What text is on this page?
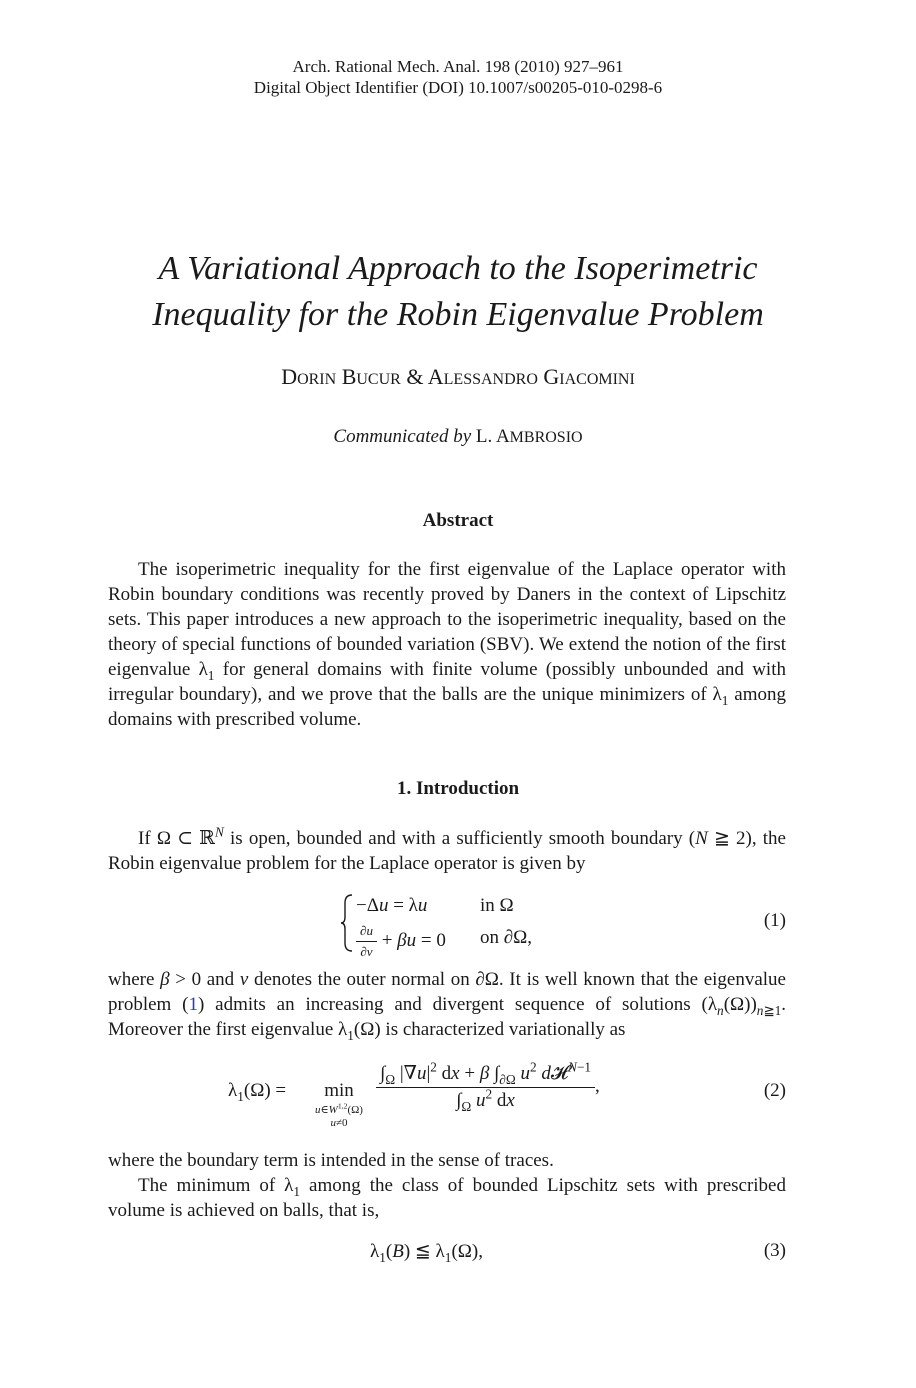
Arch. Rational Mech. Anal. 198 (2010) 927–961
Digital Object Identifier (DOI) 10.1007/s00205-010-0298-6
A Variational Approach to the Isoperimetric
Inequality for the Robin Eigenvalue Problem
DORIN BUCUR & ALESSANDRO GIACOMINI
Communicated by L. AMBROSIO
Abstract
The isoperimetric inequality for the first eigenvalue of the Laplace operator with Robin boundary conditions was recently proved by Daners in the context of Lipschitz sets. This paper introduces a new approach to the isoperimetric inequality, based on the theory of special functions of bounded variation (SBV). We extend the notion of the first eigenvalue $\lambda_1$ for general domains with finite volume (possibly unbounded and with irregular boundary), and we prove that the balls are the unique minimizers of $\lambda_1$ among domains with prescribed volume.
1. Introduction
If Ω ⊂ ℝ$^N$ is open, bounded and with a sufficiently smooth boundary (N ≧ 2), the Robin eigenvalue problem for the Laplace operator is given by
−Δu = λu	in Ω
$\frac{\partial u}{\partial\nu} + \beta u = 0$ on ∂Ω,
(1)
where β > 0 and ν denotes the outer normal on ∂Ω. It is well known that the eigenvalue problem (1) admits an increasing and divergent sequence of solutions $(\lambda_n(\Omega))_{n≧1}$. Moreover the first eigenvalue $\lambda_1(\Omega)$ is characterized variationally as
$\lambda_1(\Omega)$ =	min
$u\in W^{1,2}(\Omega)$
u≠0
$\frac{\int_\Omega |\nabla u|^2 dx + \beta \int_{\partial\Omega} u^2 d𝓗^{N-1}}{\int_\Omega u^2 dx}$ ,	(2)
where the boundary term is intended in the sense of traces.
The minimum of $\lambda_1$ among the class of bounded Lipschitz sets with prescribed volume is achieved on balls, that is,
$\lambda_1(B)$ ≦ $\lambda_1(\Omega)$,	(3)
